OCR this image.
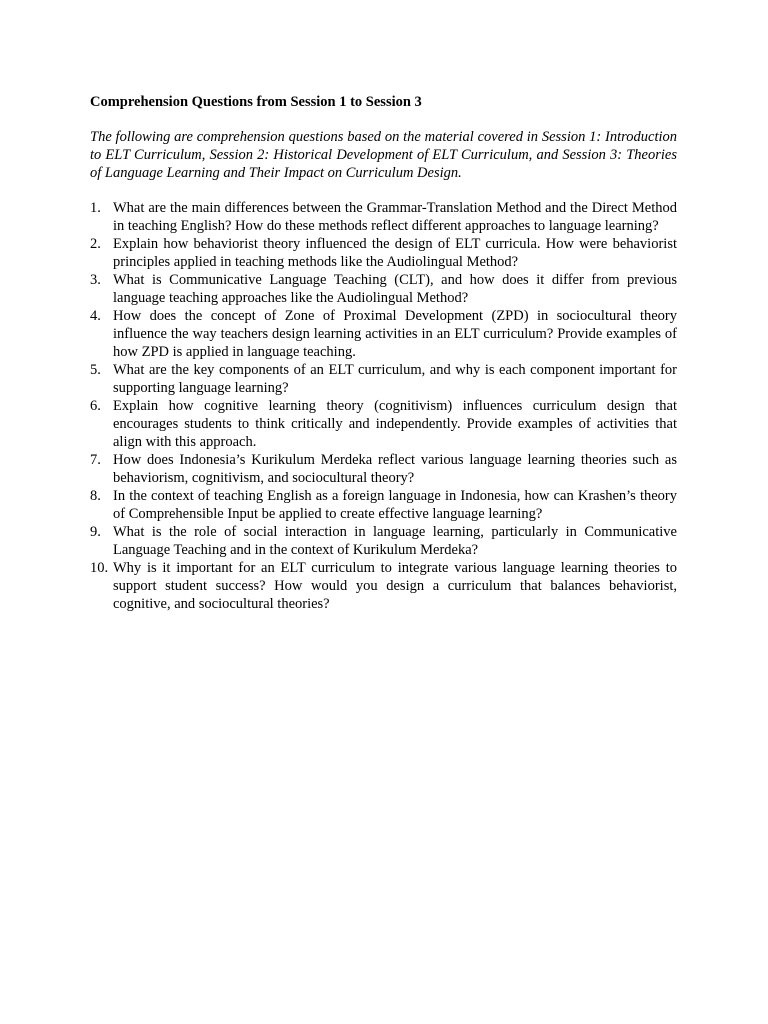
Comprehension Questions from Session 1 to Session 3
The following are comprehension questions based on the material covered in Session 1: Introduction to ELT Curriculum, Session 2: Historical Development of ELT Curriculum, and Session 3: Theories of Language Learning and Their Impact on Curriculum Design.
1. What are the main differences between the Grammar-Translation Method and the Direct Method in teaching English? How do these methods reflect different approaches to language learning?
2. Explain how behaviorist theory influenced the design of ELT curricula. How were behaviorist principles applied in teaching methods like the Audiolingual Method?
3. What is Communicative Language Teaching (CLT), and how does it differ from previous language teaching approaches like the Audiolingual Method?
4. How does the concept of Zone of Proximal Development (ZPD) in sociocultural theory influence the way teachers design learning activities in an ELT curriculum? Provide examples of how ZPD is applied in language teaching.
5. What are the key components of an ELT curriculum, and why is each component important for supporting language learning?
6. Explain how cognitive learning theory (cognitivism) influences curriculum design that encourages students to think critically and independently. Provide examples of activities that align with this approach.
7. How does Indonesia’s Kurikulum Merdeka reflect various language learning theories such as behaviorism, cognitivism, and sociocultural theory?
8. In the context of teaching English as a foreign language in Indonesia, how can Krashen’s theory of Comprehensible Input be applied to create effective language learning?
9. What is the role of social interaction in language learning, particularly in Communicative Language Teaching and in the context of Kurikulum Merdeka?
10. Why is it important for an ELT curriculum to integrate various language learning theories to support student success? How would you design a curriculum that balances behaviorist, cognitive, and sociocultural theories?
